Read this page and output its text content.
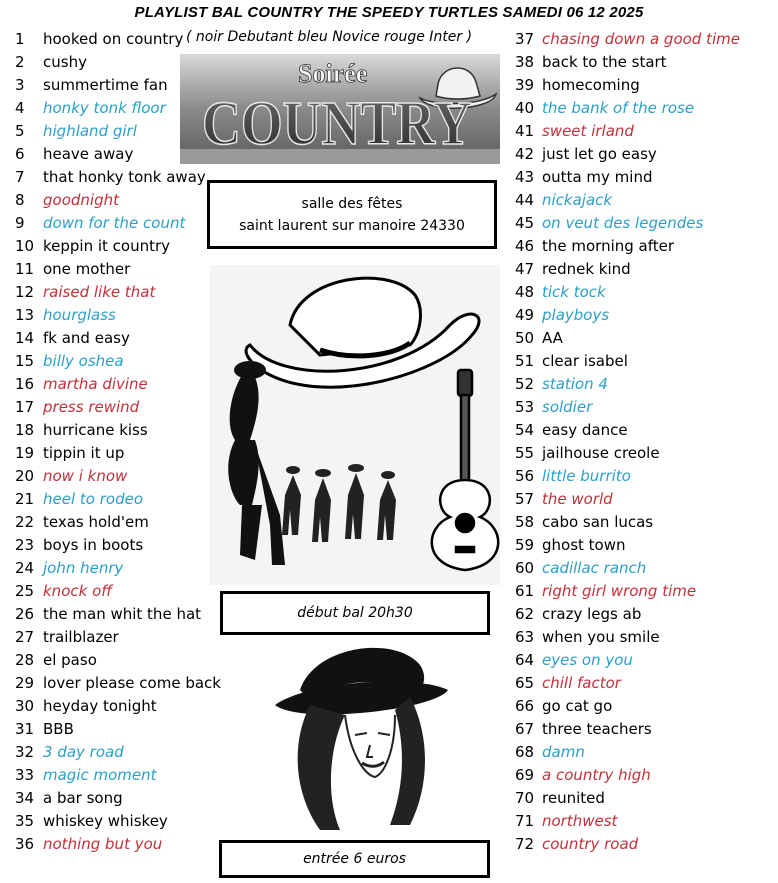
PLAYLIST BAL COUNTRY THE SPEEDY TURTLES SAMEDI 06 12 2025
( noir Debutant bleu Novice rouge Inter )
1 hooked on country
2 cushy
3 summertime fan
4 honky tonk floor
5 highland girl
6 heave away
7 that honky tonk away
8 goodnight
9 down for the count
10 keppin it country
11 one mother
12 raised like that
13 hourglass
14 fk and easy
15 billy oshea
16 martha divine
17 press rewind
18 hurricane kiss
19 tippin it up
20 now i know
21 heel to rodeo
22 texas hold'em
23 boys in boots
24 john henry
25 knock off
26 the man whit the hat
27 trailblazer
28 el paso
29 lover please come back
30 heyday tonight
31 BBB
32 3 day road
33 magic moment
34 a bar song
35 whiskey whiskey
36 nothing but you
37 chasing down a good time
38 back to the start
39 homecoming
40 the bank of the rose
41 sweet irland
42 just let go easy
43 outta my mind
44 nickajack
45 on veut des legendes
46 the morning after
47 rednek kind
48 tick tock
49 playboys
50 AA
51 clear isabel
52 station 4
53 soldier
54 easy dance
55 jailhouse creole
56 little burrito
57 the world
58 cabo san lucas
59 ghost town
60 cadillac ranch
61 right girl wrong time
62 crazy legs ab
63 when you smile
64 eyes on you
65 chill factor
66 go cat go
67 three teachers
68 damn
69 a country high
70 reunited
71 northwest
72 country road
Soirée
COUNTRY
salle des fêtes
saint laurent sur manoire 24330
début bal 20h30
entrée 6 euros
